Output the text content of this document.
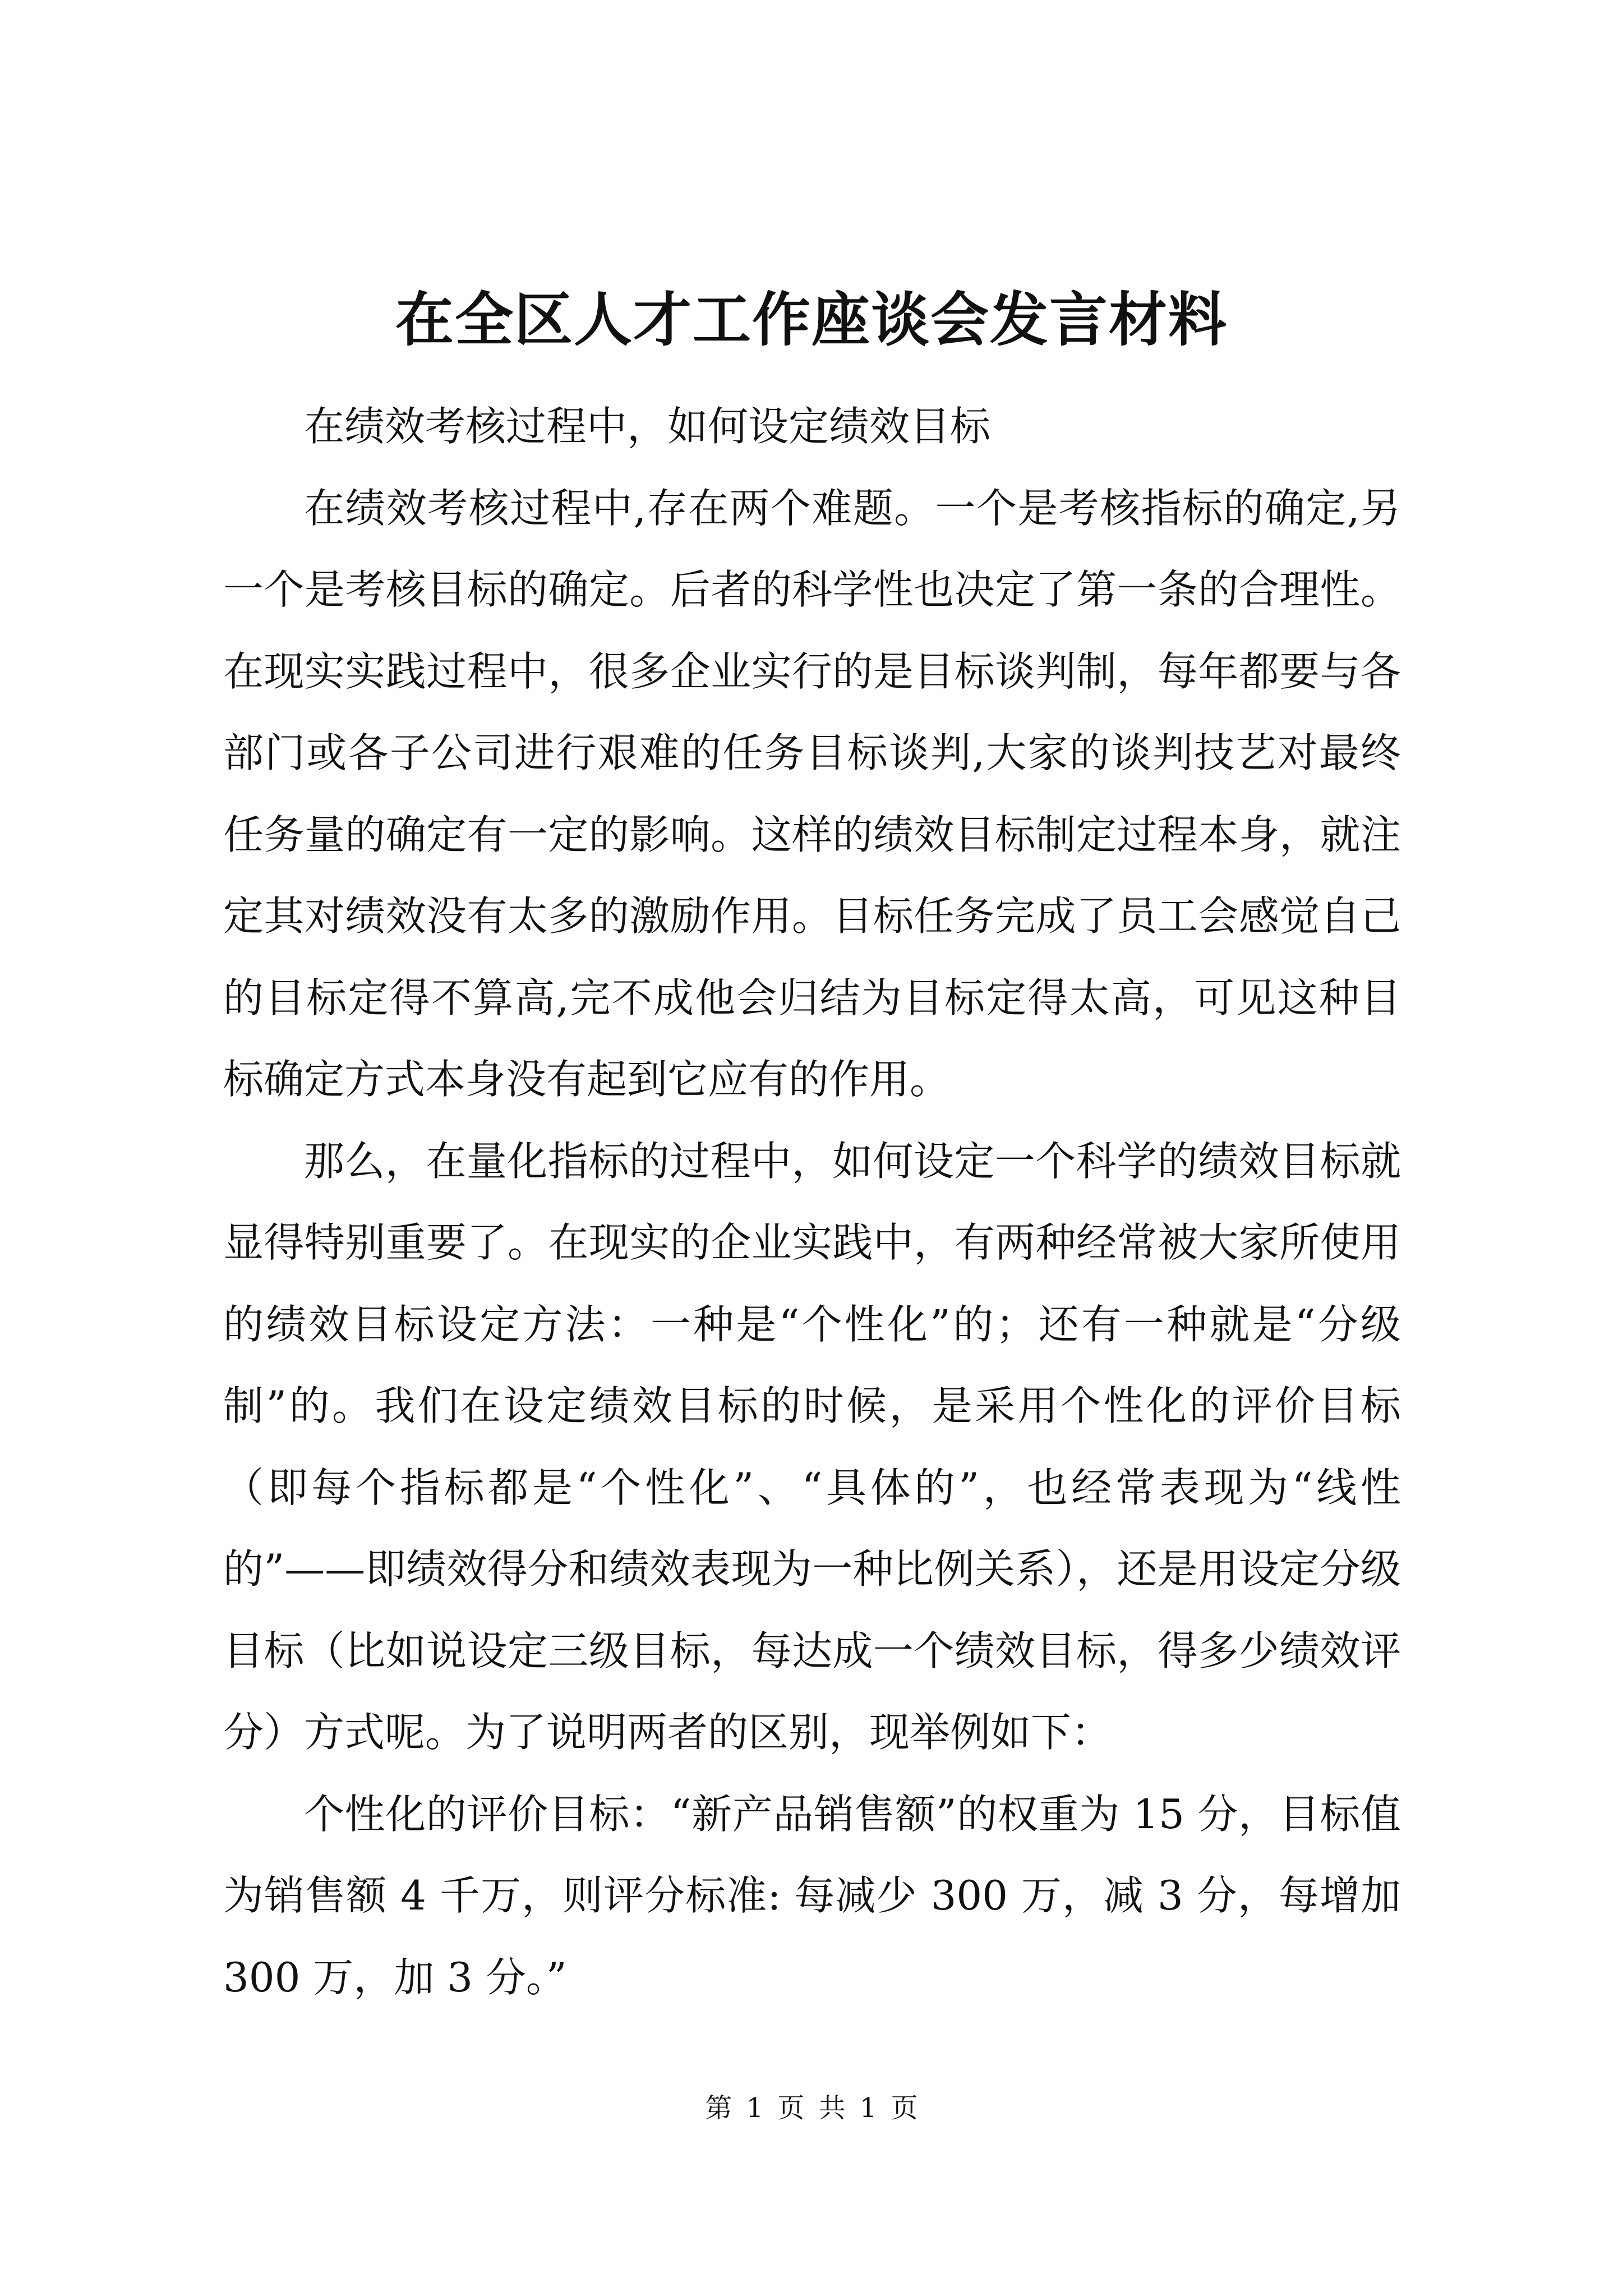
在全区人才工作座谈会发言材料

在绩效考核过程中，如何设定绩效目标

在绩效考核过程中,存在两个难题。一个是考核指标的确定,另一个是考核目标的确定。后者的科学性也决定了第一条的合理性。在现实实践过程中，很多企业实行的是目标谈判制，每年都要与各部门或各子公司进行艰难的任务目标谈判,大家的谈判技艺对最终任务量的确定有一定的影响。这样的绩效目标制定过程本身，就注定其对绩效没有太多的激励作用。目标任务完成了员工会感觉自己的目标定得不算高,完不成他会归结为目标定得太高，可见这种目标确定方式本身没有起到它应有的作用。

那么，在量化指标的过程中，如何设定一个科学的绩效目标就显得特别重要了。在现实的企业实践中，有两种经常被大家所使用的绩效目标设定方法：一种是“个性化”的；还有一种就是“分级制”的。我们在设定绩效目标的时候，是采用个性化的评价目标（即每个指标都是“个性化”、“具体的”，也经常表现为“线性的”——即绩效得分和绩效表现为一种比例关系），还是用设定分级目标（比如说设定三级目标，每达成一个绩效目标，得多少绩效评分）方式呢。为了说明两者的区别，现举例如下：

个性化的评价目标：“新产品销售额”的权重为 15 分，目标值为销售额 4 千万，则评分标准: 每减少 300 万，减 3 分，每增加 300 万，加 3 分。”

第 1 页 共 1 页
